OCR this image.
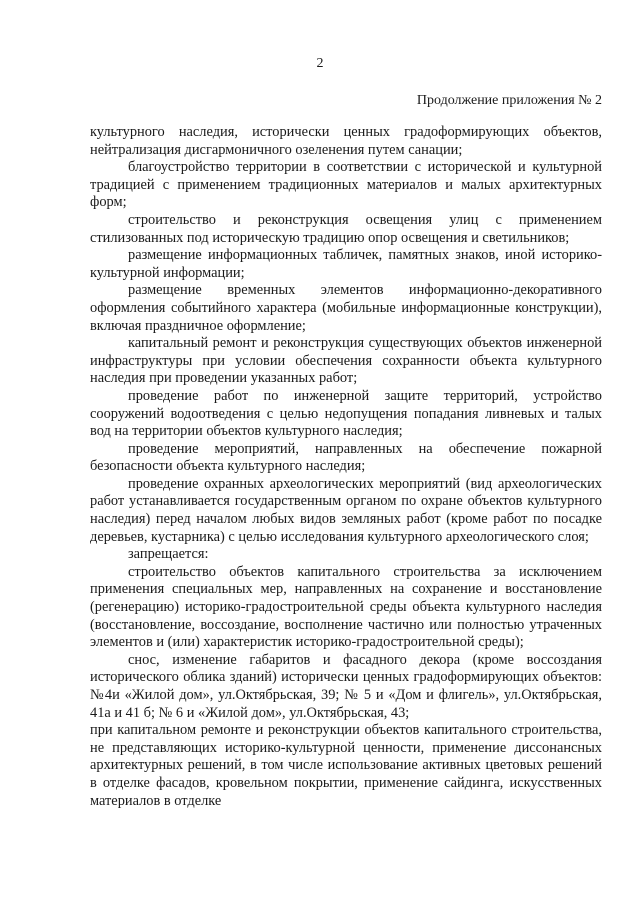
2
Продолжение приложения № 2

культурного наследия, исторически ценных градоформирующих объектов, нейтрализация дисгармоничного озеленения путем санации;

благоустройство территории в соответствии с исторической и культурной традицией с применением традиционных материалов и малых архитектурных форм;

строительство и реконструкция освещения улиц с применением стилизованных под историческую традицию опор освещения и светильников;

размещение информационных табличек, памятных знаков, иной историко-культурной информации;

размещение временных элементов информационно-декоративного оформления событийного характера (мобильные информационные конструкции), включая праздничное оформление;

капитальный ремонт и реконструкция существующих объектов инженерной инфраструктуры при условии обеспечения сохранности объекта культурного наследия при проведении указанных работ;

проведение работ по инженерной защите территорий, устройство сооружений водоотведения с целью недопущения попадания ливневых и талых вод на территории объектов культурного наследия;

проведение мероприятий, направленных на обеспечение пожарной безопасности объекта культурного наследия;

проведение охранных археологических мероприятий (вид археологических работ устанавливается государственным органом по охране объектов культурного наследия) перед началом любых видов земляных работ (кроме работ по посадке деревьев, кустарника) с целью исследования культурного археологического слоя;

запрещается:

строительство объектов капитального строительства за исключением применения специальных мер, направленных на сохранение и восстановление (регенерацию) историко-градостроительной среды объекта культурного наследия (восстановление, воссоздание, восполнение частично или полностью утраченных элементов и (или) характеристик историко-градостроительной среды);

снос, изменение габаритов и фасадного декора (кроме воссоздания исторического облика зданий) исторически ценных градоформирующих объектов: №4и «Жилой дом», ул.Октябрьская, 39; № 5 и «Дом и флигель», ул.Октябрьская, 41а и 41 б; № 6 и «Жилой дом», ул.Октябрьская, 43;

при капитальном ремонте и реконструкции объектов капитального строительства, не представляющих историко-культурной ценности, применение диссонансных архитектурных решений, в том числе использование активных цветовых решений в отделке фасадов, кровельном покрытии, применение сайдинга, искусственных материалов в отделке
